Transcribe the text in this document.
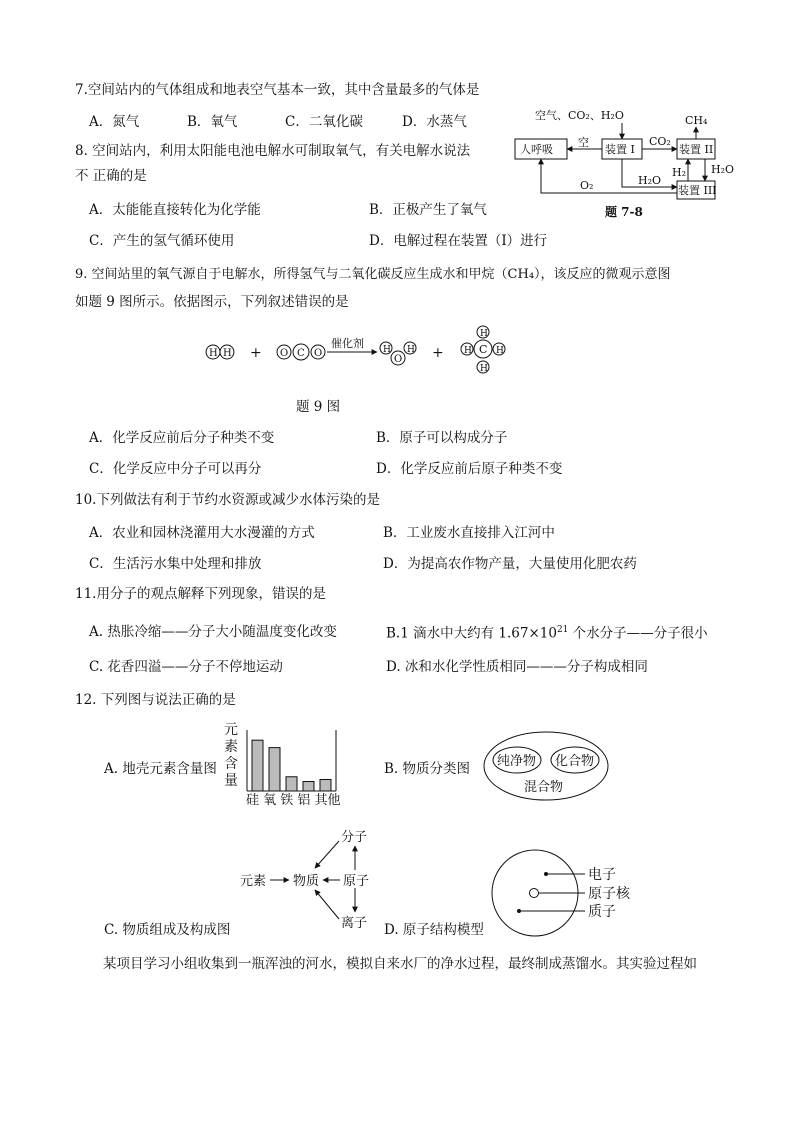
7.空间站内的气体组成和地表空气基本一致，其中含量最多的气体是
A．氮气	B．氧气	C．二氧化碳	D．水蒸气
8. 空间站内，利用太阳能电池电解水可制取氧气，有关电解水说法
不 正确的是
A．太能能直接转化为化学能	B．正极产生了氧气
C．产生的氢气循环使用	D．电解过程在装置（I）进行
空气、CO₂、H₂O
人呼吸	装置 I	装置 II
装置 III
空	CO₂
CH₄
H₂ H₂O
H₂O
O₂
题 7-8
9. 空间站里的氧气源自于电解水，所得氢气与二氧化碳反应生成水和甲烷（CH₄），该反应的微观示意图
如题 9 图所示。依据图示，下列叙述错误的是
H H + O C O
催化剂 H
O
H +
H
H C H
H
题 9 图
A．化学反应前后分子种类不变	B．原子可以构成分子
C．化学反应中分子可以再分	D．化学反应前后原子种类不变
10.下列做法有利于节约水资源或减少水体污染的是
A．农业和园林浇灌用大水漫灌的方式	B．工业废水直接排入江河中
C．生活污水集中处理和排放	D．为提高农作物产量，大量使用化肥农药
11.用分子的观点解释下列现象，错误的是
A. 热胀冷缩——分子大小随温度变化改变	B.1 滴水中大约有 $1.67\times 10^{21}$ 个水分子——分子很小
C. 花香四溢——分子不停地运动	D. 冰和水化学性质相同———分子构成相同
12. 下列图与说法正确的是
A. 地壳元素含量图
元
素
含
量
硅 氧 铁 铝 其他
B. 物质分类图 纯净物 化合物
混合物
元素 物质
分子
原子
离子
C. 物质组成及构成图	D. 原子结构模型
电子
原子核
质子
某项目学习小组收集到一瓶浑浊的河水，模拟自来水厂的净水过程，最终制成蒸馏水。其实验过程如
